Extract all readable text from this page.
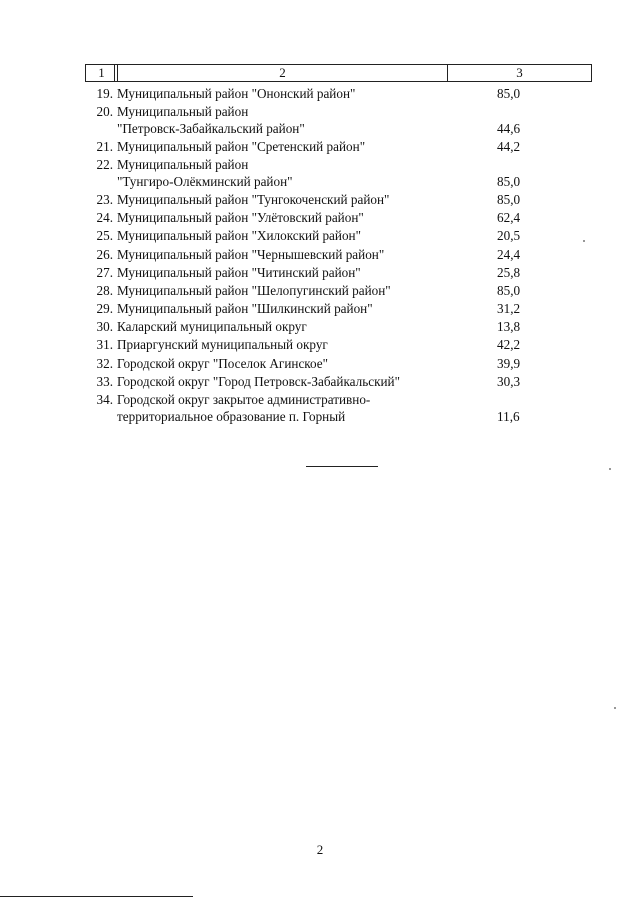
1	2	3
19. Муниципальный район "Ононский район"	85,0
20. Муниципальный район
"Петровск-Забайкальский район"	44,6
21. Муниципальный район "Сретенский район"	44,2
22. Муниципальный район
"Тунгиро-Олёкминский район"	85,0
23. Муниципальный район "Тунгокоченский район"	85,0
24. Муниципальный район "Улётовский район"	62,4
25. Муниципальный район "Хилокский район"	20,5
26. Муниципальный район "Чернышевский район"	24,4
27. Муниципальный район "Читинский район"	25,8
28. Муниципальный район "Шелопугинский район"	85,0
29. Муниципальный район "Шилкинский район"	31,2
30. Каларский муниципальный округ	13,8
31. Приаргунский муниципальный округ	42,2
32. Городской округ "Поселок Агинское"	39,9
33. Городской округ "Город Петровск-Забайкальский"	30,3
34. Городской округ закрытое административно-
территориальное образование п. Горный	11,6
2
